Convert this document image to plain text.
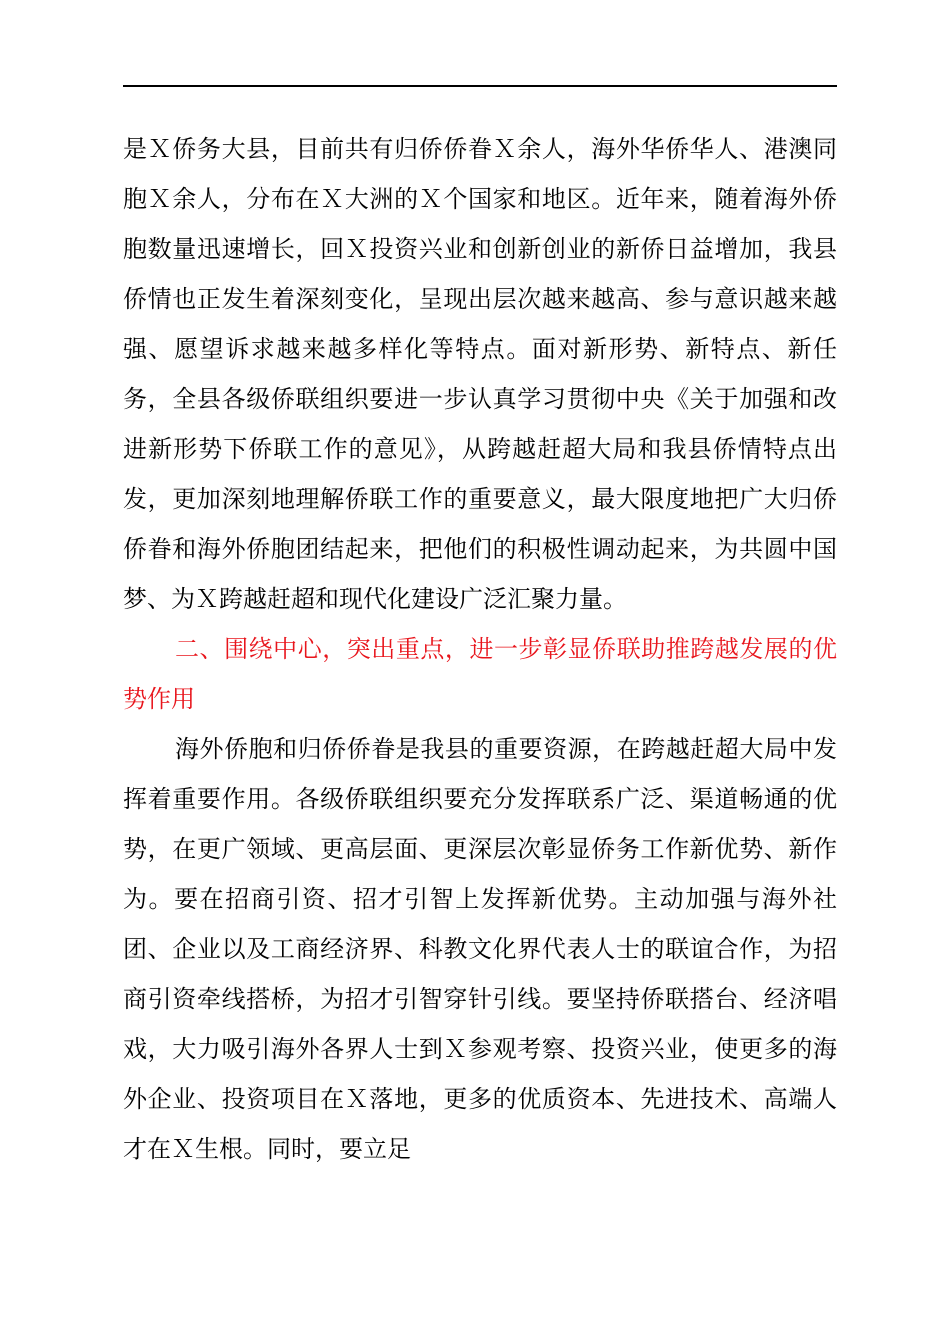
是Ｘ侨务大县，目前共有归侨侨眷Ｘ余人，海外华侨华人、港澳同胞Ｘ余人，分布在Ｘ大洲的Ｘ个国家和地区。近年来，随着海外侨胞数量迅速增长，回Ｘ投资兴业和创新创业的新侨日益增加，我县侨情也正发生着深刻变化，呈现出层次越来越高、参与意识越来越强、愿望诉求越来越多样化等特点。面对新形势、新特点、新任务，全县各级侨联组织要进一步认真学习贯彻中央《关于加强和改进新形势下侨联工作的意见》，从跨越赶超大局和我县侨情特点出发，更加深刻地理解侨联工作的重要意义，最大限度地把广大归侨侨眷和海外侨胞团结起来，把他们的积极性调动起来，为共圆中国梦、为Ｘ跨越赶超和现代化建设广泛汇聚力量。

二、围绕中心，突出重点，进一步彰显侨联助推跨越发展的优势作用

海外侨胞和归侨侨眷是我县的重要资源，在跨越赶超大局中发挥着重要作用。各级侨联组织要充分发挥联系广泛、渠道畅通的优势，在更广领域、更高层面、更深层次彰显侨务工作新优势、新作为。要在招商引资、招才引智上发挥新优势。主动加强与海外社团、企业以及工商经济界、科教文化界代表人士的联谊合作，为招商引资牵线搭桥，为招才引智穿针引线。要坚持侨联搭台、经济唱戏，大力吸引海外各界人士到Ｘ参观考察、投资兴业，使更多的海外企业、投资项目在Ｘ落地，更多的优质资本、先进技术、高端人才在Ｘ生根。同时，要立足
